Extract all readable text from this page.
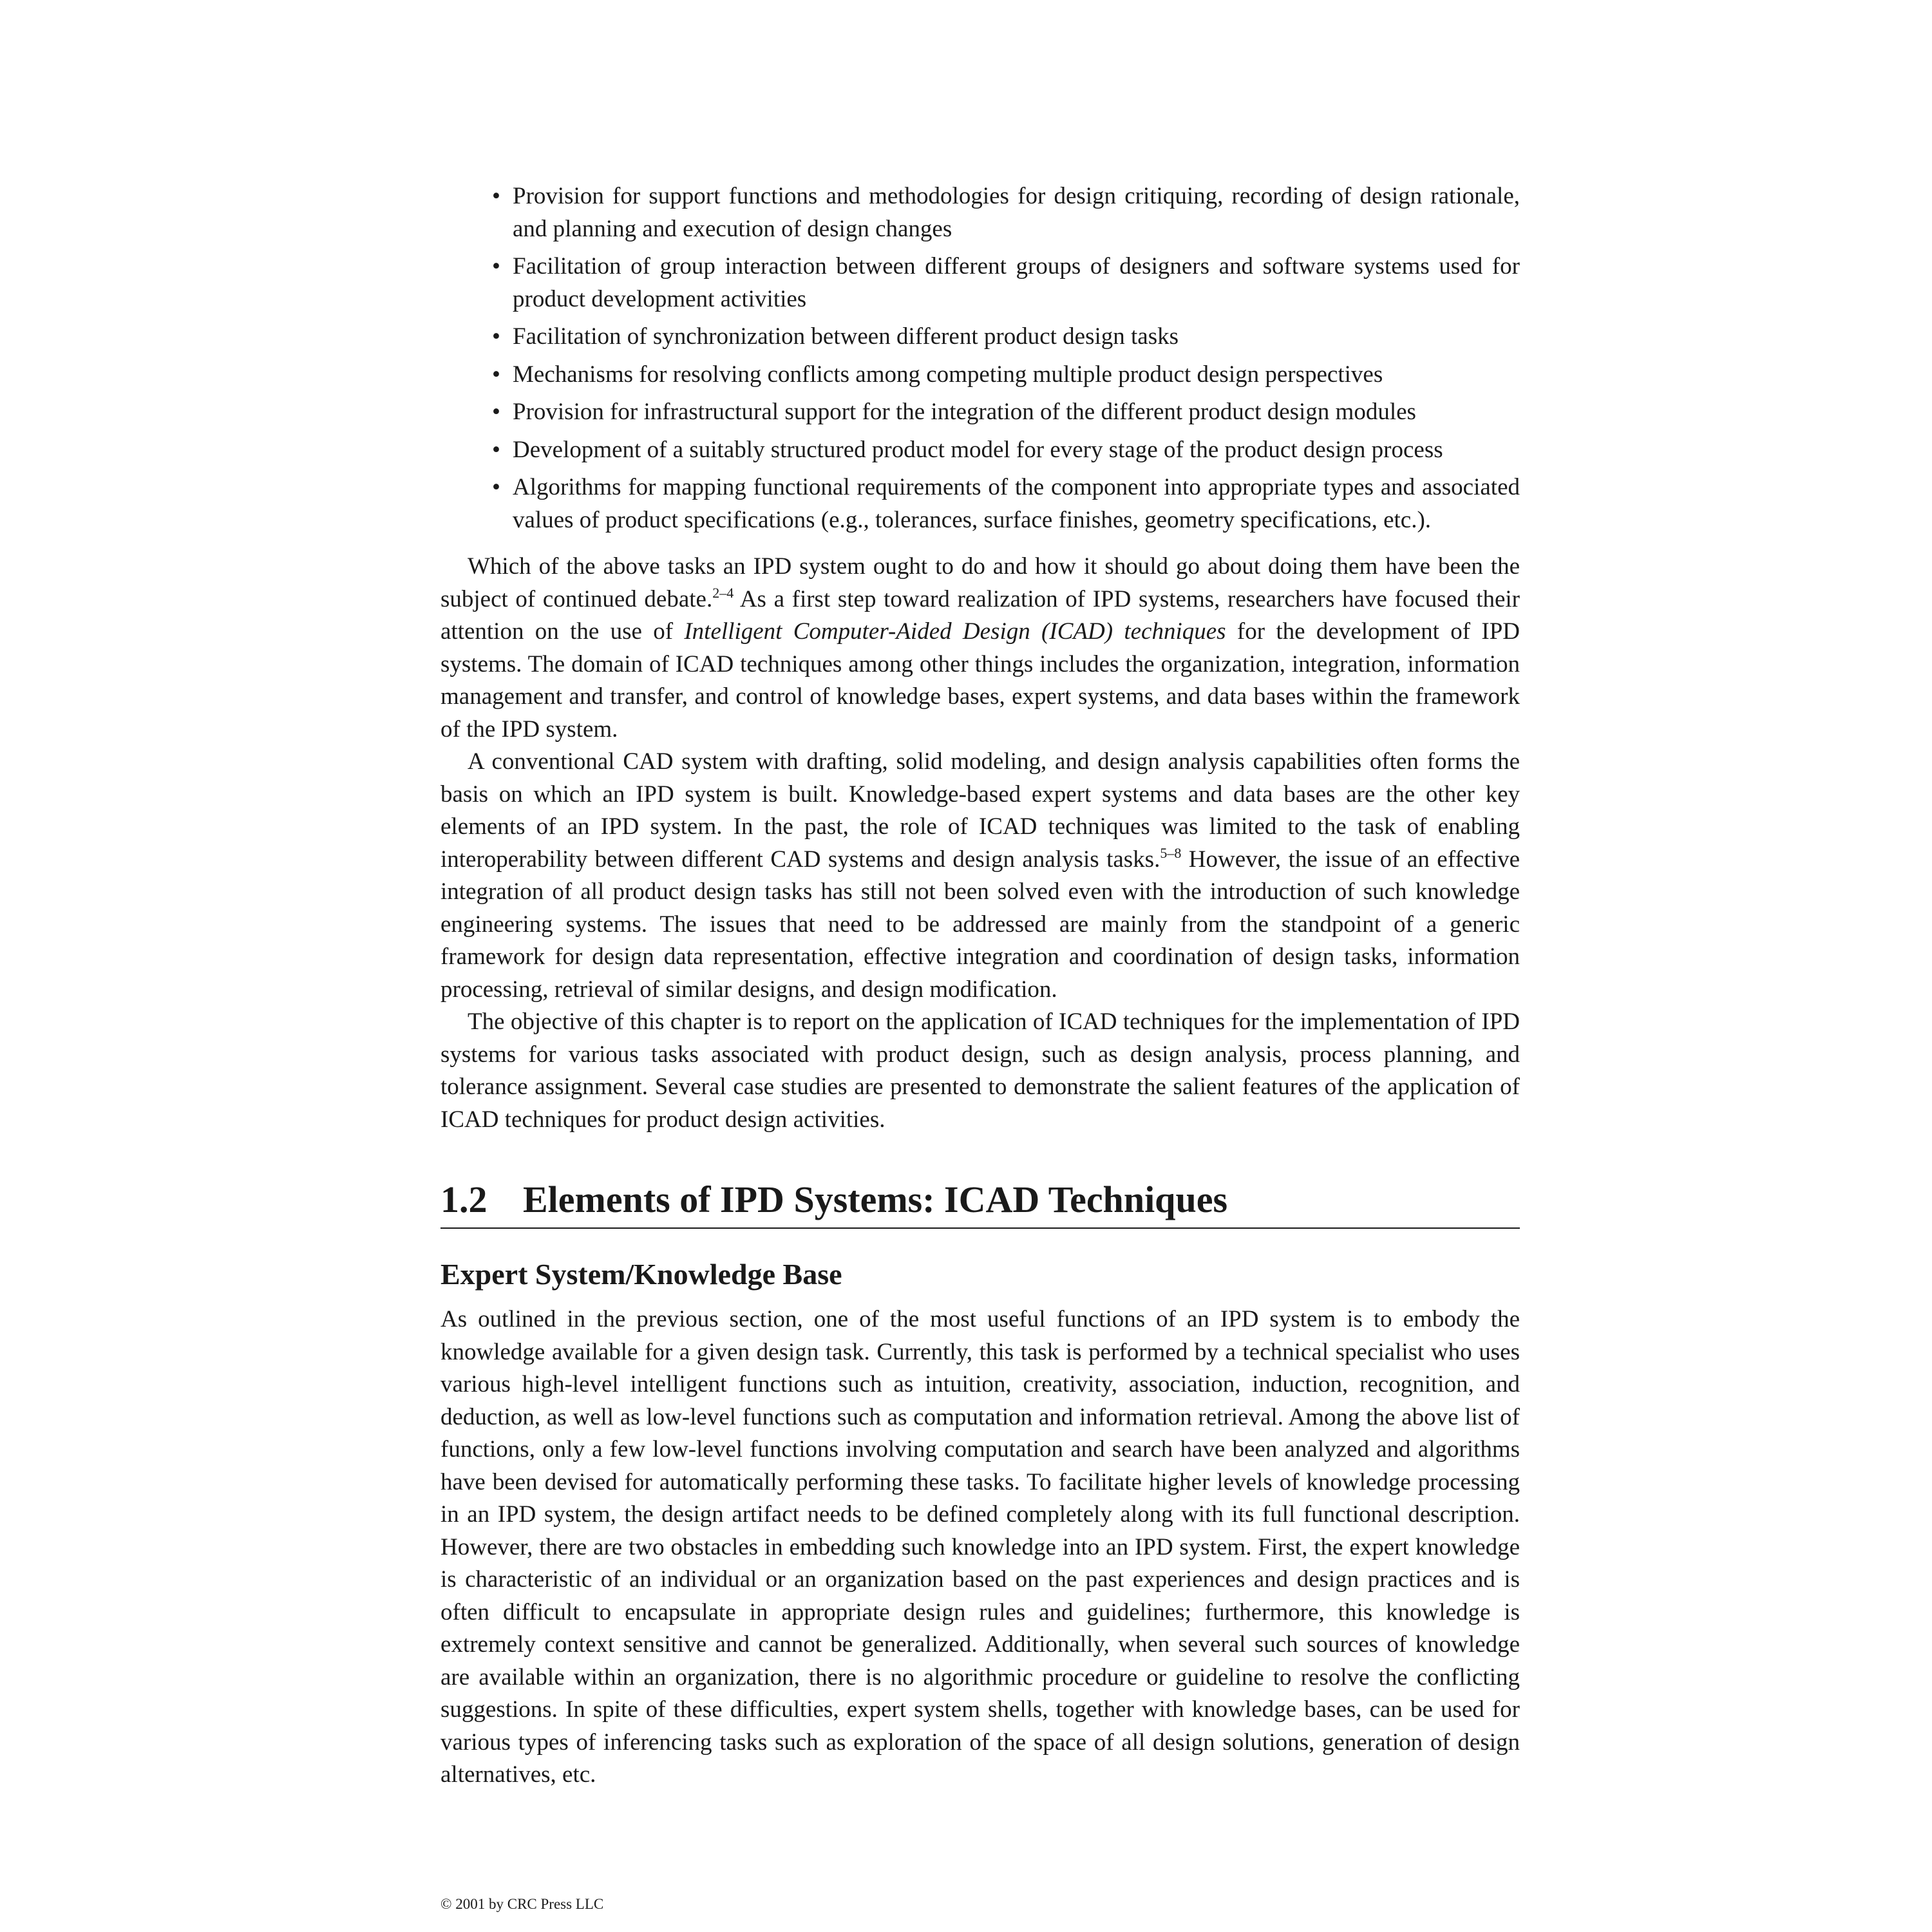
• Provision for support functions and methodologies for design critiquing, recording of design rationale, and planning and execution of design changes
• Facilitation of group interaction between different groups of designers and software systems used for product development activities
• Facilitation of synchronization between different product design tasks
• Mechanisms for resolving conflicts among competing multiple product design perspectives
• Provision for infrastructural support for the integration of the different product design modules
• Development of a suitably structured product model for every stage of the product design process
• Algorithms for mapping functional requirements of the component into appropriate types and associated values of product specifications (e.g., tolerances, surface finishes, geometry specifications, etc.).

Which of the above tasks an IPD system ought to do and how it should go about doing them have been the subject of continued debate.$^{2-4}$ As a first step toward realization of IPD systems, researchers have focused their attention on the use of Intelligent Computer-Aided Design (ICAD) techniques for the development of IPD systems. The domain of ICAD techniques among other things includes the organization, integration, information management and transfer, and control of knowledge bases, expert systems, and data bases within the framework of the IPD system.

A conventional CAD system with drafting, solid modeling, and design analysis capabilities often forms the basis on which an IPD system is built. Knowledge-based expert systems and data bases are the other key elements of an IPD system. In the past, the role of ICAD techniques was limited to the task of enabling interoperability between different CAD systems and design analysis tasks.$^{5-8}$ However, the issue of an effective integration of all product design tasks has still not been solved even with the introduction of such knowledge engineering systems. The issues that need to be addressed are mainly from the standpoint of a generic framework for design data representation, effective integration and coordination of design tasks, information processing, retrieval of similar designs, and design modification.

The objective of this chapter is to report on the application of ICAD techniques for the implementation of IPD systems for various tasks associated with product design, such as design analysis, process planning, and tolerance assignment. Several case studies are presented to demonstrate the salient features of the application of ICAD techniques for product design activities.

1.2 Elements of IPD Systems: ICAD Techniques
Expert System/Knowledge Base

As outlined in the previous section, one of the most useful functions of an IPD system is to embody the knowledge available for a given design task. Currently, this task is performed by a technical specialist who uses various high-level intelligent functions such as intuition, creativity, association, induction, recognition, and deduction, as well as low-level functions such as computation and information retrieval. Among the above list of functions, only a few low-level functions involving computation and search have been analyzed and algorithms have been devised for automatically performing these tasks. To facilitate higher levels of knowledge processing in an IPD system, the design artifact needs to be defined completely along with its full functional description. However, there are two obstacles in embedding such knowledge into an IPD system. First, the expert knowledge is characteristic of an individual or an organization based on the past experiences and design practices and is often difficult to encapsulate in appropriate design rules and guidelines; furthermore, this knowledge is extremely context sensitive and cannot be generalized. Additionally, when several such sources of knowledge are available within an organization, there is no algorithmic procedure or guideline to resolve the conflicting suggestions. In spite of these difficulties, expert system shells, together with knowledge bases, can be used for various types of inferencing tasks such as exploration of the space of all design solutions, generation of design alternatives, etc.

© 2001 by CRC Press LLC
